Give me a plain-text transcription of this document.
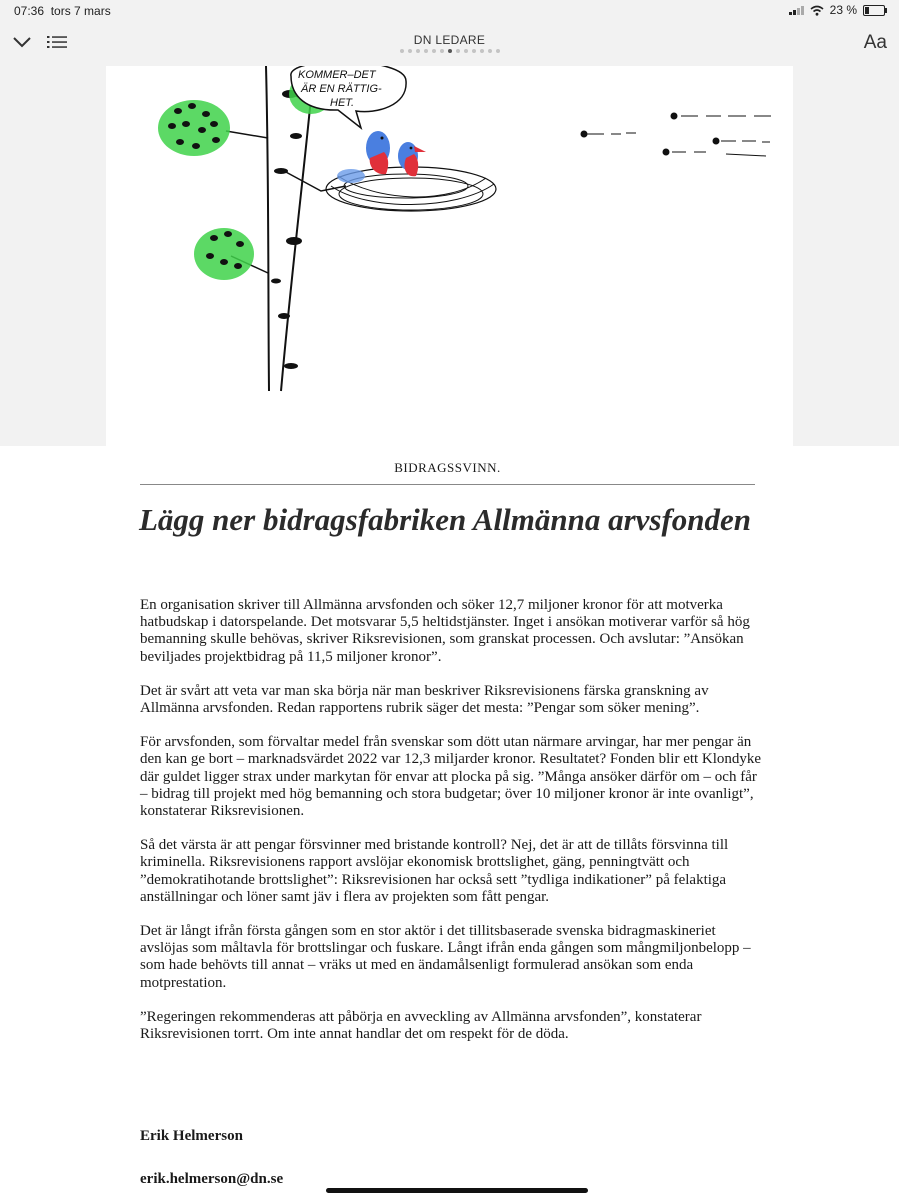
07:36 tors 7 mars	23 %
DN LEDARE	Aa
KOMMER–DET
ÄR EN RÄTTIG-
HET.
BIDRAGSSVINN.
Lägg ner bidragsfabriken Allmänna arvsfonden

En organisation skriver till Allmänna arvsfonden och söker 12,7 miljoner kronor för att motverka hatbudskap i datorspelande. Det motsvarar 5,5 heltidstjänster. Inget i ansökan motiverar varför så hög bemanning skulle behövas, skriver Riksrevisionen, som granskat processen. Och avslutar: ”Ansökan beviljades projektbidrag på 11,5 miljoner kronor”.

Det är svårt att veta var man ska börja när man beskriver Riksrevisionens färska granskning av Allmänna arvsfonden. Redan rapportens rubrik säger det mesta: ”Pengar som söker mening”.

För arvsfonden, som förvaltar medel från svenskar som dött utan närmare arvingar, har mer pengar än den kan ge bort – marknadsvärdet 2022 var 12,3 miljarder kronor. Resultatet? Fonden blir ett Klondyke där guldet ligger strax under markytan för envar att plocka på sig. ”Många ansöker därför om – och får – bidrag till projekt med hög bemanning och stora budgetar; över 10 miljoner kronor är inte ovanligt”, konstaterar Riksrevisionen.

Så det värsta är att pengar försvinner med bristande kontroll? Nej, det är att de tillåts försvinna till kriminella. Riksrevisionens rapport avslöjar ekonomisk brottslighet, gäng, penningtvätt och ”demokratihotande brottslighet”: Riksrevisionen har också sett ”tydliga indikationer” på felaktiga anställningar och löner samt jäv i flera av projekten som fått pengar.

Det är långt ifrån första gången som en stor aktör i det tillitsbaserade svenska bidragmaskineriet avslöjas som måltavla för brottslingar och fuskare. Långt ifrån enda gången som mångmiljonbelopp – som hade behövts till annat – vräks ut med en ändamålsenligt formulerad ansökan som enda motprestation.

”Regeringen rekommenderas att påbörja en avveckling av Allmänna arvsfonden”, konstaterar Riksrevisionen torrt. Om inte annat handlar det om respekt för de döda.

Erik Helmerson

erik.helmerson@dn.se
